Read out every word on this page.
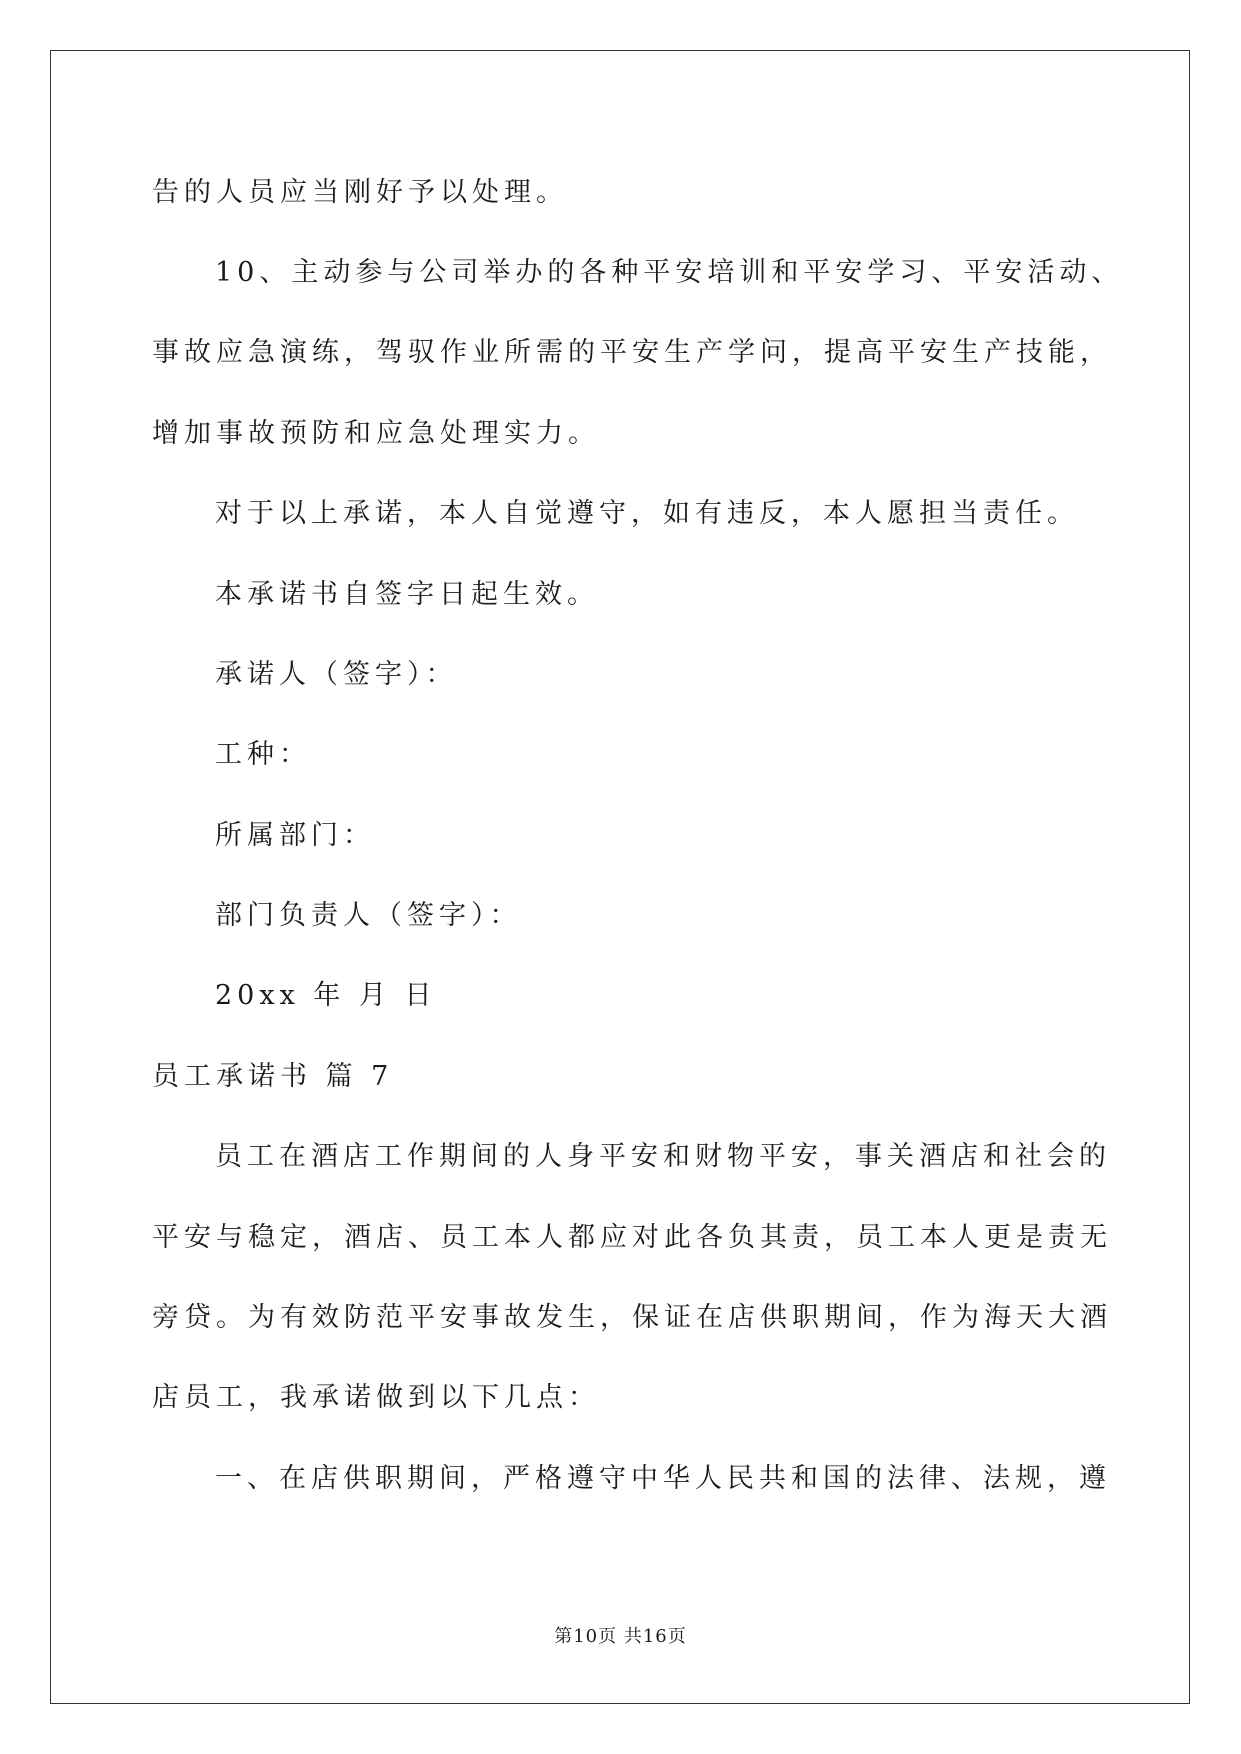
告的人员应当刚好予以处理。
10、主动参与公司举办的各种平安培训和平安学习、平安活动、
事故应急演练，驾驭作业所需的平安生产学问，提高平安生产技能，
增加事故预防和应急处理实力。
对于以上承诺，本人自觉遵守，如有违反，本人愿担当责任。
本承诺书自签字日起生效。
承诺人（签字）：
工种：
所属部门：
部门负责人（签字）：
20xx 年 月 日
员工承诺书 篇 7
员工在酒店工作期间的人身平安和财物平安，事关酒店和社会的
平安与稳定，酒店、员工本人都应对此各负其责，员工本人更是责无
旁贷。为有效防范平安事故发生，保证在店供职期间，作为海天大酒
店员工，我承诺做到以下几点：
一、在店供职期间，严格遵守中华人民共和国的法律、法规，遵
第10页 共16页
